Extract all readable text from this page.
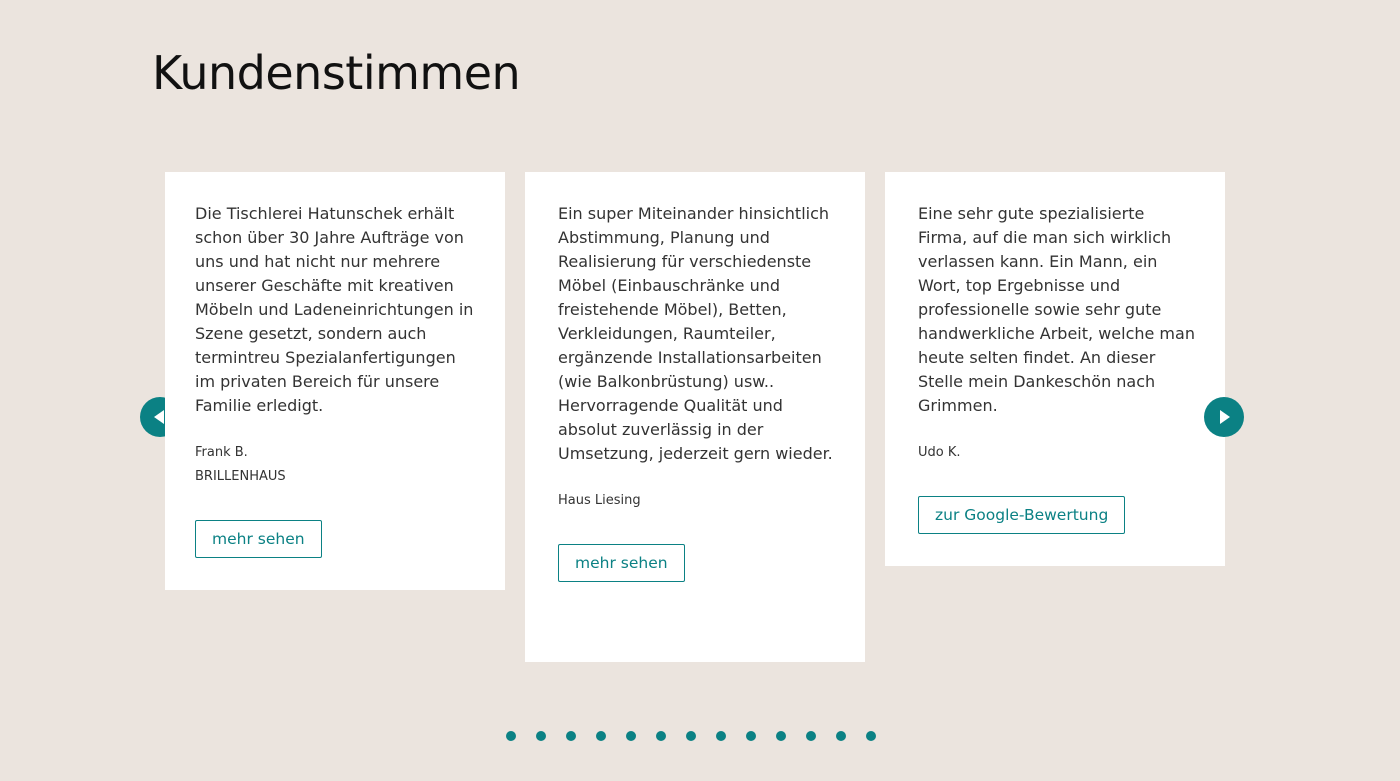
Kundenstimmen

Die Tischlerei Hatunschek erhält schon über 30 Jahre Aufträge von uns und hat nicht nur mehrere unserer Geschäfte mit kreativen Möbeln und Ladeneinrichtungen in Szene gesetzt, sondern auch termintreu Spezialanfertigungen im privaten Bereich für unsere Familie erledigt.

Frank B.

BRILLENHAUS

mehr sehen

Ein super Miteinander hinsichtlich Abstimmung, Planung und Realisierung für verschiedenste Möbel (Einbauschränke und freistehende Möbel), Betten, Verkleidungen, Raumteiler, ergänzende Installationsarbeiten (wie Balkonbrüstung) usw.. Hervorragende Qualität und absolut zuverlässig in der Umsetzung, jederzeit gern wieder.

Haus Liesing

mehr sehen

Eine sehr gute spezialisierte Firma, auf die man sich wirklich verlassen kann. Ein Mann, ein Wort, top Ergebnisse und professionelle sowie sehr gute handwerkliche Arbeit, welche man heute selten findet. An dieser Stelle mein Dankeschön nach Grimmen.

Udo K.

zur Google-Bewertung
